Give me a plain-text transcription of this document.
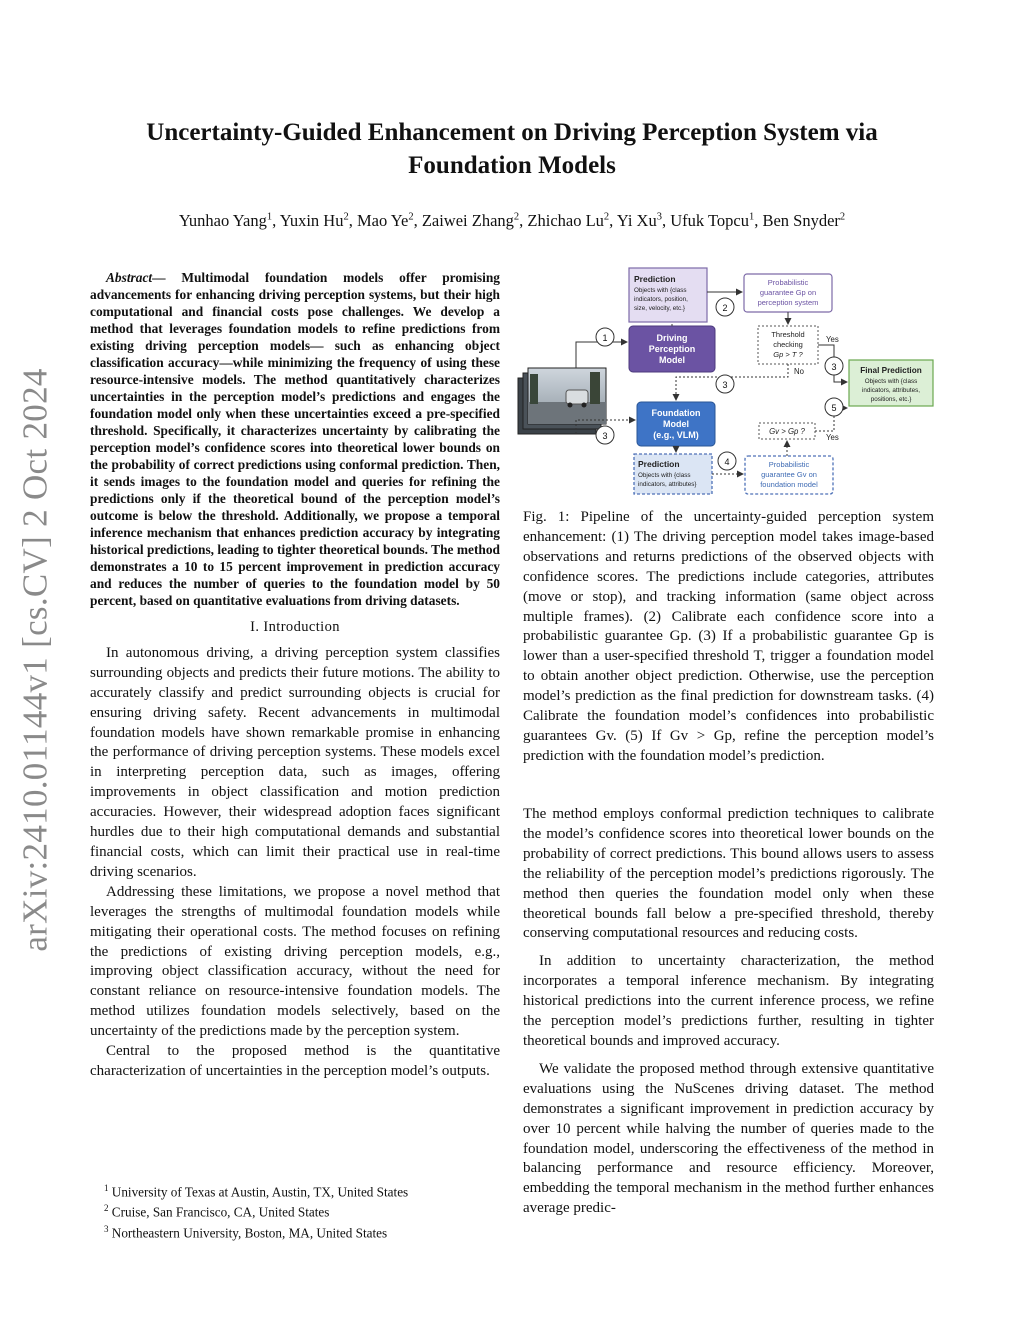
arXiv:2410.01144v1 [cs.CV] 2 Oct 2024
Uncertainty-Guided Enhancement on Driving Perception System via Foundation Models

Yunhao Yang$^1$, Yuxin Hu$^2$, Mao Ye$^2$, Zaiwei Zhang$^2$, Zhichao Lu$^2$, Yi Xu$^3$, Ufuk Topcu$^1$, Ben Snyder$^2$

Abstract— Multimodal foundation models offer promising advancements for enhancing driving perception systems, but their high computational and financial costs pose challenges. We develop a method that leverages foundation models to refine predictions from existing driving perception models— such as enhancing object classification accuracy—while minimizing the frequency of using these resource-intensive models. The method quantitatively characterizes uncertainties in the perception model’s predictions and engages the foundation model only when these uncertainties exceed a pre-specified threshold. Specifically, it characterizes uncertainty by calibrating the perception model’s confidence scores into theoretical lower bounds on the probability of correct predictions using conformal prediction. Then, it sends images to the foundation model and queries for refining the predictions only if the theoretical bound of the perception model’s outcome is below the threshold. Additionally, we propose a temporal inference mechanism that enhances prediction accuracy by integrating historical predictions, leading to tighter theoretical bounds. The method demonstrates a 10 to 15 percent improvement in prediction accuracy and reduces the number of queries to the foundation model by 50 percent, based on quantitative evaluations from driving datasets.

I. Introduction

In autonomous driving, a driving perception system classifies surrounding objects and predicts their future motions. The ability to accurately classify and predict surrounding objects is crucial for ensuring driving safety. Recent advancements in multimodal foundation models have shown remarkable promise in enhancing the performance of driving perception systems. These models excel in interpreting perception data, such as images, offering improvements in object classification and motion prediction accuracies. However, their widespread adoption faces significant hurdles due to their high computational demands and substantial financial costs, which can limit their practical use in real-time driving scenarios.

Addressing these limitations, we propose a novel method that leverages the strengths of multimodal foundation models while mitigating their operational costs. The method focuses on refining the predictions of existing driving perception models, e.g., improving object classification accuracy, without the need for constant reliance on resource-intensive foundation models. The method utilizes foundation models selectively, based on the uncertainty of the predictions made by the perception system.

Central to the proposed method is the quantitative characterization of uncertainties in the perception model’s outputs.

$^1$ University of Texas at Austin, Austin, TX, United States
$^2$ Cruise, San Francisco, CA, United States
$^3$ Northeastern University, Boston, MA, United States
Prediction
Objects with {class
indicators, position,
size, velocity, etc.}
Probabilistic
guarantee Gp on
perception system
Driving
Perception
Model
Threshold
checking
Gp > T ?
Final Prediction
Objects with {class
indicators, attributes,
positions, etc.}
Foundation
Model
(e.g., VLM)	Gv > Gp ?
Prediction
Objects with {class
indicators, attributes}
Probabilistic
guarantee Gv on
foundation model
Yes
No
Yes
1
2
3
3
3
4
5

Fig. 1: Pipeline of the uncertainty-guided perception system enhancement: (1) The driving perception model takes image-based observations and returns predictions of the observed objects with confidence scores. The predictions include categories, attributes (move or stop), and tracking information (same object across multiple frames). (2) Calibrate each confidence score into a probabilistic guarantee Gp. (3) If a probabilistic guarantee Gp is lower than a user-specified threshold T, trigger a foundation model to obtain another object prediction. Otherwise, use the perception model’s prediction as the final prediction for downstream tasks. (4) Calibrate the foundation model’s confidences into probabilistic guarantees Gv. (5) If Gv > Gp, refine the perception model’s prediction with the foundation model’s prediction.

The method employs conformal prediction techniques to calibrate the model’s confidence scores into theoretical lower bounds on the probability of correct predictions. This bound allows users to assess the reliability of the perception model’s predictions rigorously. The method then queries the foundation model only when these theoretical bounds fall below a pre-specified threshold, thereby conserving computational resources and reducing costs.

In addition to uncertainty characterization, the method incorporates a temporal inference mechanism. By integrating historical predictions into the current inference process, we refine the perception model’s predictions further, resulting in tighter theoretical bounds and improved accuracy.

We validate the proposed method through extensive quantitative evaluations using the NuScenes driving dataset. The method demonstrates a significant improvement in prediction accuracy by over 10 percent while halving the number of queries made to the foundation model, underscoring the effectiveness of the method in balancing performance and resource efficiency. Moreover, embedding the temporal mechanism in the method further enhances average predic-
